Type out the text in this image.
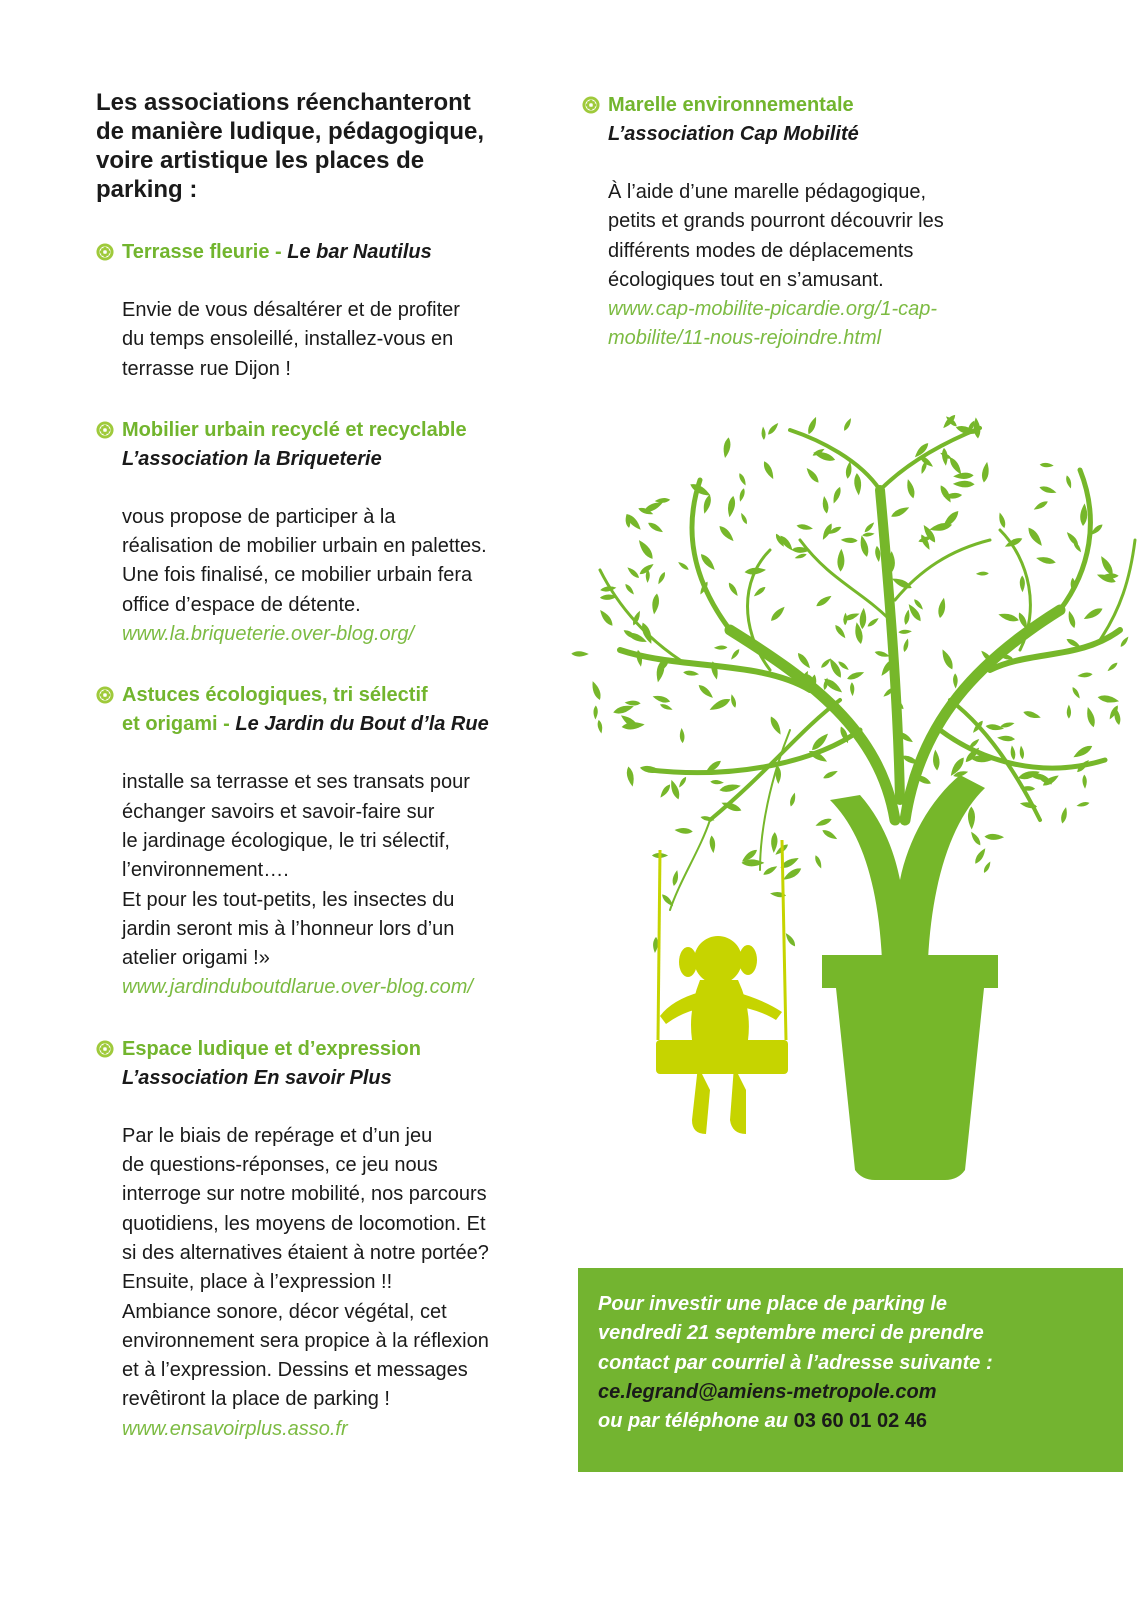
Les associations réenchanteront
de manière ludique, pédagogique,
voire artistique les places de
parking :
Terrasse fleurie - Le bar Nautilus
Envie de vous désaltérer et de profiter
du temps ensoleillé, installez-vous en
terrasse rue Dijon !
Mobilier urbain recyclé et recyclable
L’association la Briqueterie
vous propose de participer à la
réalisation de mobilier urbain en palettes.
Une fois finalisé, ce mobilier urbain fera
office d’espace de détente.
www.la.briqueterie.over-blog.org/
Astuces écologiques, tri sélectif
et origami - Le Jardin du Bout d’la Rue
installe sa terrasse et ses transats pour
échanger savoirs et savoir-faire sur
le jardinage écologique, le tri sélectif,
l’environnement….
Et pour les tout-petits, les insectes du
jardin seront mis à l’honneur lors d’un
atelier origami !»
www.jardinduboutdlarue.over-blog.com/
Espace ludique et d’expression
L’association En savoir Plus
Par le biais de repérage et d’un jeu
de questions-réponses, ce jeu nous
interroge sur notre mobilité, nos parcours
quotidiens, les moyens de locomotion. Et
si des alternatives étaient à notre portée?
Ensuite, place à l’expression !!
Ambiance sonore, décor végétal, cet
environnement sera propice à la réflexion
et à l’expression. Dessins et messages
revêtiront la place de parking !
www.ensavoirplus.asso.fr
Marelle environnementale
L’association Cap Mobilité
À l’aide d’une marelle pédagogique,
petits et grands pourront découvrir les
différents modes de déplacements
écologiques tout en s’amusant.
www.cap-mobilite-picardie.org/1-cap-
mobilite/11-nous-rejoindre.html
Pour investir une place de parking le
vendredi 21 septembre merci de prendre
contact par courriel à l’adresse suivante :
ce.legrand@amiens-metropole.com
ou par téléphone au 03 60 01 02 46
